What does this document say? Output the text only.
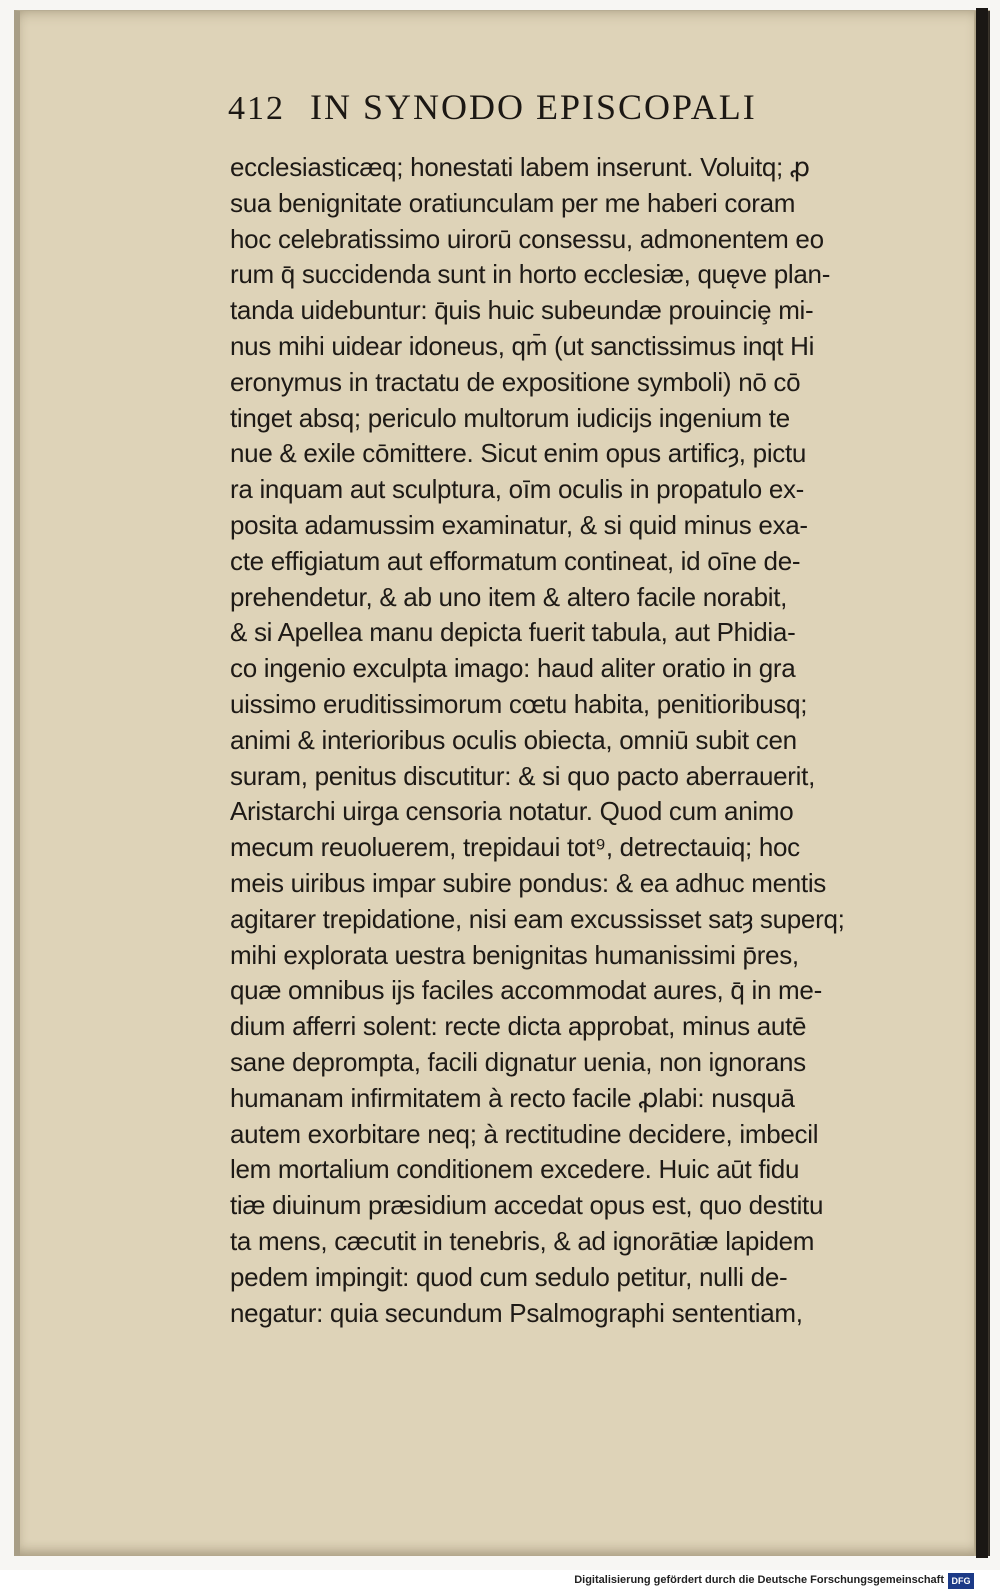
412 IN SYNODO EPISCOPALI
ecclesiasticæq; honestati labem inserunt. Voluitq; ꝓ
sua benignitate oratiunculam per me haberi coram
hoc celebratissimo uirorū consessu, admonentem eo
rum q̄ succidenda sunt in horto ecclesiæ, quęve plan-
tanda uidebuntur: q̄uis huic subeundæ prouinciȩ mi-
nus mihi uidear idoneus, qm̄ (ut sanctissimus inqt Hi
eronymus in tractatu de expositione symboli) nō cō
tinget absq; periculo multorum iudicijs ingenium te
nue & exile cōmittere. Sicut enim opus artificȝ, pictu
ra inquam aut sculptura, oīm oculis in propatulo ex-
posita adamussim examinatur, & si quid minus exa-
cte effigiatum aut efformatum contineat, id oīne de-
prehendetur, & ab uno item & altero facile norabit,
& si Apellea manu depicta fuerit tabula, aut Phidia-
co ingenio exculpta imago: haud aliter oratio in gra
uissimo eruditissimorum cœtu habita, penitioribusq;
animi & interioribus oculis obiecta, omniū subit cen
suram, penitus discutitur: & si quo pacto aberrauerit,
Aristarchi uirga censoria notatur. Quod cum animo
mecum reuoluerem, trepidaui tot⁹, detrectauiq; hoc
meis uiribus impar subire pondus: & ea adhuc mentis
agitarer trepidatione, nisi eam excussisset satȝ superq;
mihi explorata uestra benignitas humanissimi p̄res,
quæ omnibus ijs faciles accommodat aures, q̄ in me-
dium afferri solent: recte dicta approbat, minus autē
sane deprompta, facili dignatur uenia, non ignorans
humanam infirmitatem à recto facile ꝓlabi: nusquā
autem exorbitare neq; à rectitudine decidere, imbecil
lem mortalium conditionem excedere. Huic aūt fidu
tiæ diuinum præsidium accedat opus est, quo destitu
ta mens, cæcutit in tenebris, & ad ignorātiæ lapidem
pedem impingit: quod cum sedulo petitur, nulli de-
negatur: quia secundum Psalmographi sententiam,
Digitalisierung gefördert durch die Deutsche Forschungsgemeinschaft DFG
